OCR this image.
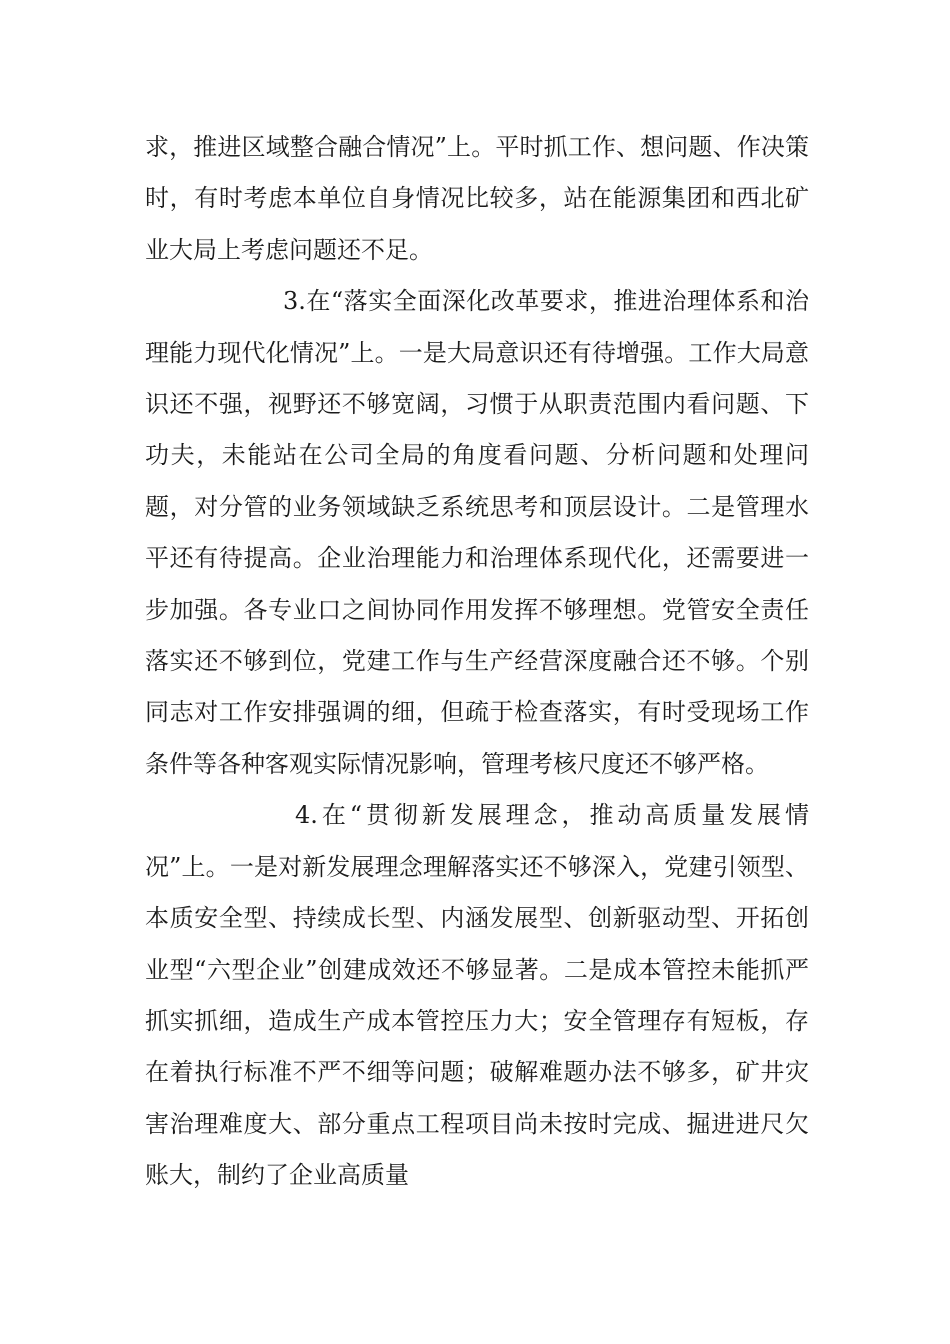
求，推进区域整合融合情况”上。平时抓工作、想问题、作决策时，有时考虑本单位自身情况比较多，站在能源集团和西北矿业大局上考虑问题还不足。

3.在“落实全面深化改革要求，推进治理体系和治理能力现代化情况”上。一是大局意识还有待增强。工作大局意识还不强，视野还不够宽阔，习惯于从职责范围内看问题、下功夫，未能站在公司全局的角度看问题、分析问题和处理问题，对分管的业务领域缺乏系统思考和顶层设计。二是管理水平还有待提高。企业治理能力和治理体系现代化，还需要进一步加强。各专业口之间协同作用发挥不够理想。党管安全责任落实还不够到位，党建工作与生产经营深度融合还不够。个别同志对工作安排强调的细，但疏于检查落实，有时受现场工作条件等各种客观实际情况影响，管理考核尺度还不够严格。

4.在“贯彻新发展理念，推动高质量发展情况”上。一是对新发展理念理解落实还不够深入，党建引领型、本质安全型、持续成长型、内涵发展型、创新驱动型、开拓创业型“六型企业”创建成效还不够显著。二是成本管控未能抓严抓实抓细，造成生产成本管控压力大；安全管理存有短板，存在着执行标准不严不细等问题；破解难题办法不够多，矿井灾害治理难度大、部分重点工程项目尚未按时完成、掘进进尺欠账大，制约了企业高质量
